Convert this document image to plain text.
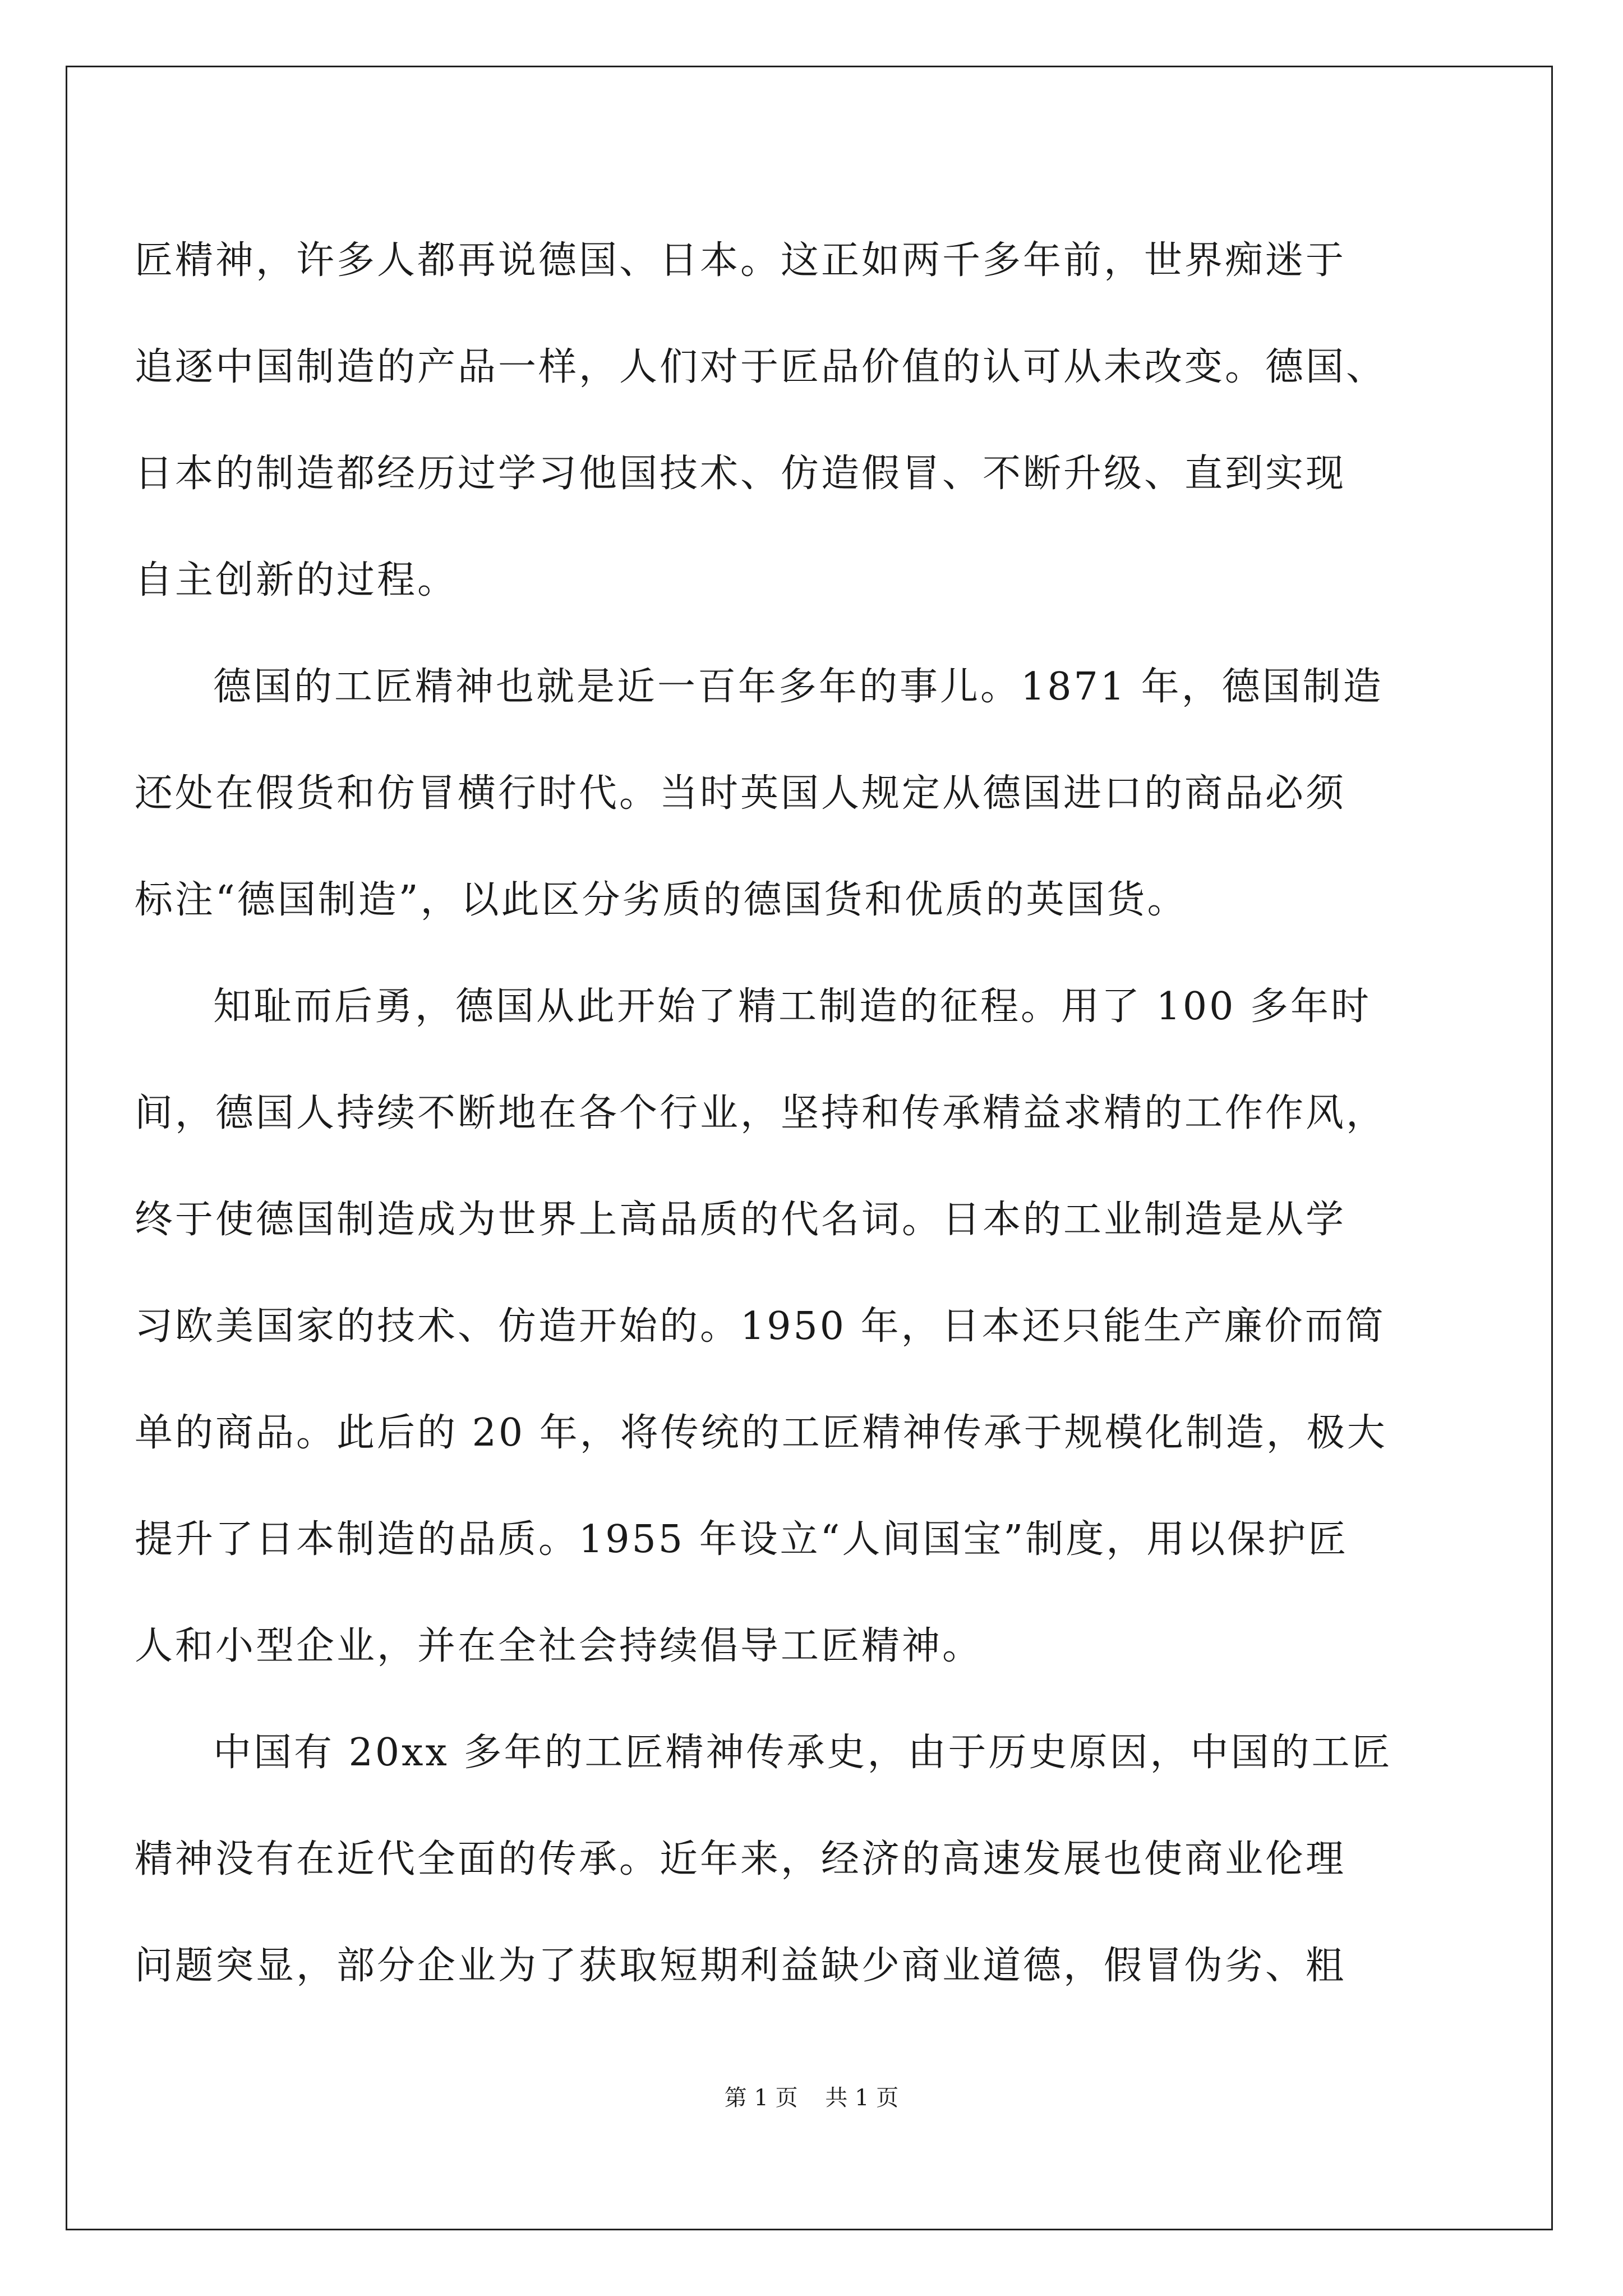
匠精神，许多人都再说德国、日本。这正如两千多年前，世界痴迷于
追逐中国制造的产品一样，人们对于匠品价值的认可从未改变。德国、
日本的制造都经历过学习他国技术、仿造假冒、不断升级、直到实现
自主创新的过程。
德国的工匠精神也就是近一百年多年的事儿。1871 年，德国制造
还处在假货和仿冒横行时代。当时英国人规定从德国进口的商品必须
标注“德国制造”，以此区分劣质的德国货和优质的英国货。
知耻而后勇，德国从此开始了精工制造的征程。用了 100 多年时
间，德国人持续不断地在各个行业，坚持和传承精益求精的工作作风，
终于使德国制造成为世界上高品质的代名词。日本的工业制造是从学
习欧美国家的技术、仿造开始的。1950 年，日本还只能生产廉价而简
单的商品。此后的 20 年，将传统的工匠精神传承于规模化制造，极大
提升了日本制造的品质。1955 年设立“人间国宝”制度，用以保护匠
人和小型企业，并在全社会持续倡导工匠精神。
中国有 20xx 多年的工匠精神传承史，由于历史原因，中国的工匠
精神没有在近代全面的传承。近年来，经济的高速发展也使商业伦理
问题突显，部分企业为了获取短期利益缺少商业道德，假冒伪劣、粗
第 1 页 共 1 页
